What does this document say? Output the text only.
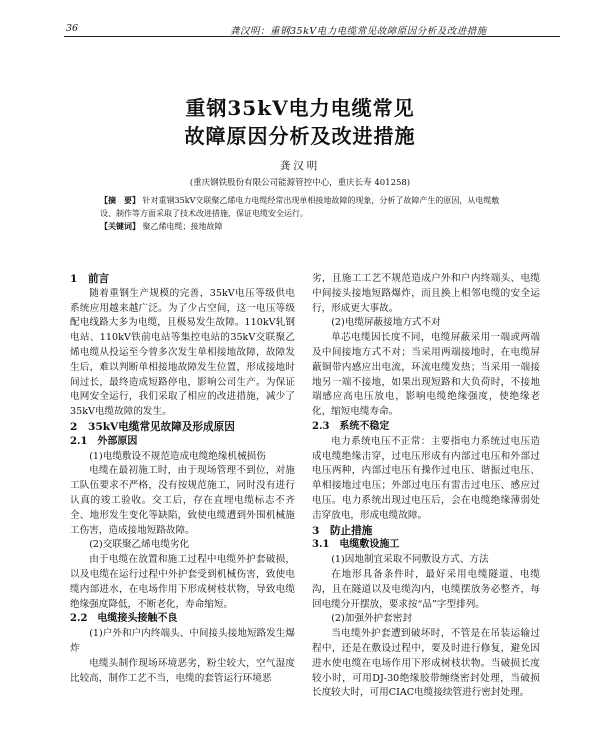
36	龚汉明：重钢35kV电力电缆常见故障原因分析及改进措施
重钢35kV电力电缆常见
故障原因分析及改进措施
龚汉明
(重庆钢铁股份有限公司能源管控中心，重庆长寿 401258)
【摘　要】 针对重钢35kV交联聚乙烯电力电缆经常出现单相接地故障的现象，分析了故障产生的原因，从电缆敷设、制作等方面采取了技术改进措施，保证电缆安全运行。
【关键词】 聚乙烯电缆；接地故障
1　前言

随着重钢生产规模的完善，35kV电压等级供电系统应用越来越广泛。为了少占空间，这一电压等级配电线路大多为电缆，且极易发生故障。110kV轧钢电站、110kV铁前电站等集控电站的35kV交联聚乙烯电缆从投运至今曾多次发生单相接地故障，故障发生后，难以判断单相接地故障发生位置，形成接地时间过长，最终造成短路停电，影响公司生产。为保证电网安全运行，我们采取了相应的改进措施，减少了35kV电缆故障的发生。

2　35kV电缆常见故障及形成原因
2.1　外部原因
(1)电缆敷设不规范造成电缆绝缘机械损伤

电缆在最初施工时，由于现场管理不到位，对施工队伍要求不严格，没有按规范施工，同时没有进行认真的竣工验收。交工后，存在直埋电缆标志不齐全、地形发生变化等缺陷，致使电缆遭到外围机械施工伤害，造成接地短路故障。

(2)交联聚乙烯电缆劣化

由于电缆在放置和施工过程中电缆外护套破损，以及电缆在运行过程中外护套受到机械伤害，致使电缆内部进水，在电场作用下形成树枝状物，导致电缆绝缘强度降低，不断老化，寿命缩短。

2.2　电缆接头接触不良
(1)户外和户内终端头、中间接头接地短路发生爆炸

电缆头制作现场环境恶劣，粉尘较大，空气湿度比较高，制作工艺不当，电缆的套管运行环境恶

劣，且施工工艺不规范造成户外和户内终端头、电缆中间接头接地短路爆炸，而且换上相邻电缆的安全运行，形成更大事故。

(2)电缆屏蔽接地方式不对

单芯电缆因长度不同，电缆屏蔽采用一端或两端及中间接地方式不对；当采用两端接地时，在电缆屏蔽铜带内感应出电流，环流电缆发热；当采用一端接地另一端不接地，如果出现短路和大负荷时，不接地端感应高电压放电，影响电缆绝缘强度，使绝缘老化，缩短电缆寿命。

2.3　系统不稳定

电力系统电压不正常：主要指电力系统过电压造成电缆绝缘击穿，过电压形成有内部过电压和外部过电压两种，内部过电压有操作过电压、谐振过电压、单相接地过电压；外部过电压有雷击过电压、感应过电压。电力系统出现过电压后，会在电缆绝缘薄弱处击穿放电，形成电缆故障。

3　防止措施
3.1　电缆敷设施工
(1)因地制宜采取不同敷设方式、方法

在地形具备条件时，最好采用电缆隧道、电缆沟，且在隧道以及电缆沟内，电缆摆放务必整齐，每回电缆分开摆放，要求按“品”字型排列。

(2)加强外护套密封

当电缆外护套遭到破坏时，不管是在吊装运输过程中，还是在敷设过程中，要及时进行修复，避免因进水使电缆在电场作用下形成树枝状物。当破损长度较小时，可用DJ-30绝缘胶带缠绕密封处理，当破损长度较大时，可用CIAC电缆接续管进行密封处理。
